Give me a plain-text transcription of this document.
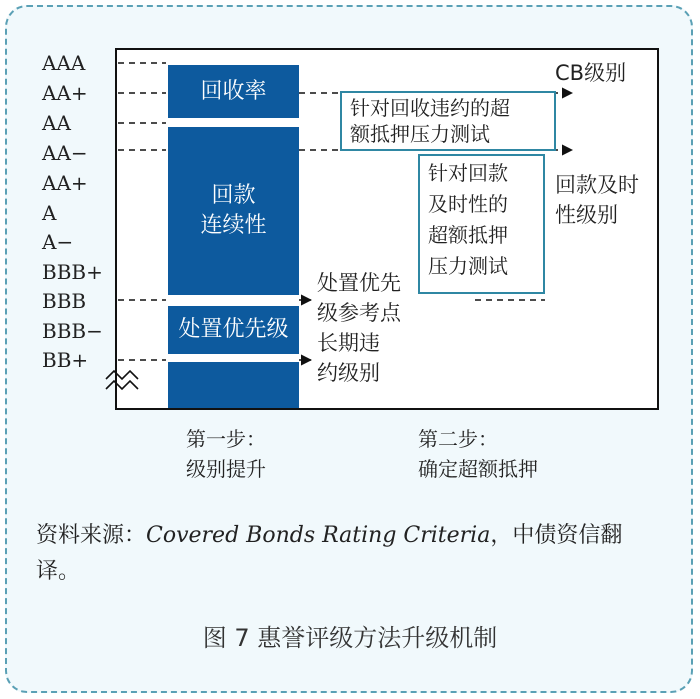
AAA
AA+
AA
AA−
AA+
A
A−
BBB+
BBB
BBB−
BB+
回收率
回款
连续性
处置优先级
CB级别
针对回收违约的超
额抵押压力测试
回款及时
性级别
针对回款
及时性的
超额抵押
压力测试
处置优先
级参考点
长期违
约级别
第一步：
级别提升
第二步：
确定超额抵押
资料来源：Covered Bonds Rating Criteria，中债资信翻译。
图 7 惠誉评级方法升级机制
